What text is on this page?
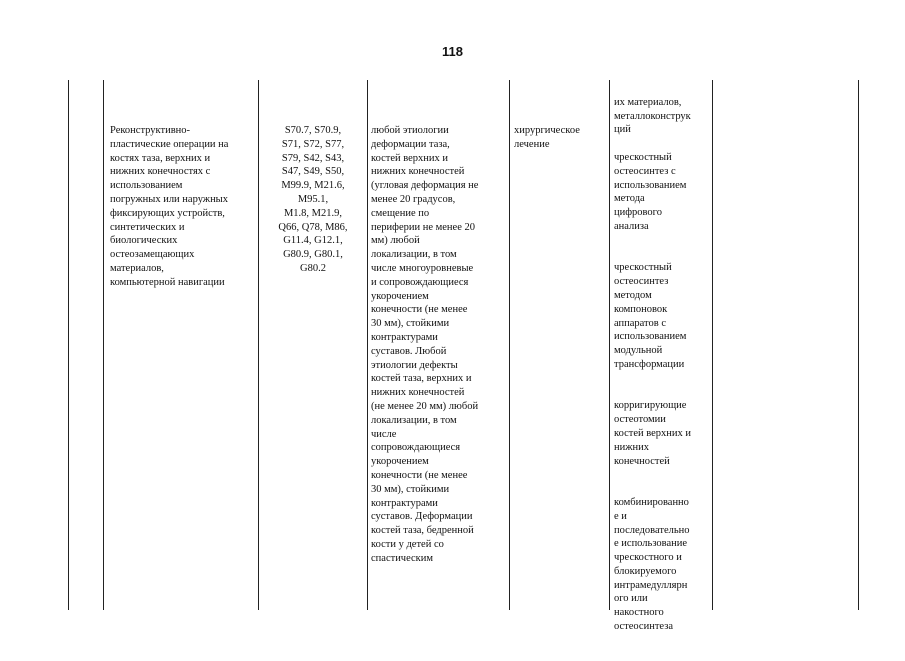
118
Реконструктивно-
пластические операции на
костях таза, верхних и
нижних конечностях с
использованием
погружных или наружных
фиксирующих устройств,
синтетических и
биологических
остеозамещающих
материалов,
компьютерной навигации
S70.7, S70.9,
S71, S72, S77,
S79, S42, S43,
S47, S49, S50,
M99.9, M21.6,
M95.1,
M1.8, M21.9,
Q66, Q78, M86,
G11.4, G12.1,
G80.9, G80.1,
G80.2
любой этиологии
деформации таза,
костей верхних и
нижних конечностей
(угловая деформация не
менее 20 градусов,
смещение по
периферии не менее 20
мм) любой
локализации, в том
числе многоуровневые
и сопровождающиеся
укорочением
конечности (не менее
30 мм), стойкими
контрактурами
суставов. Любой
этиологии дефекты
костей таза, верхних и
нижних конечностей
(не менее 20 мм) любой
локализации, в том
числе
сопровождающиеся
укорочением
конечности (не менее
30 мм), стойкими
контрактурами
суставов. Деформации
костей таза, бедренной
кости у детей со
спастическим
хирургическое
лечение

их материалов,
металлоконструк
ций

чрескостный
остеосинтез с
использованием
метода
цифрового
анализа

чрескостный
остеосинтез
методом
компоновок
аппаратов с
использованием
модульной
трансформации

корригирующие
остеотомии
костей верхних и
нижних
конечностей

комбинированно
е и
последовательно
е использование
чрескостного и
блокируемого
интрамедуллярн
ого или
накостного
остеосинтеза
